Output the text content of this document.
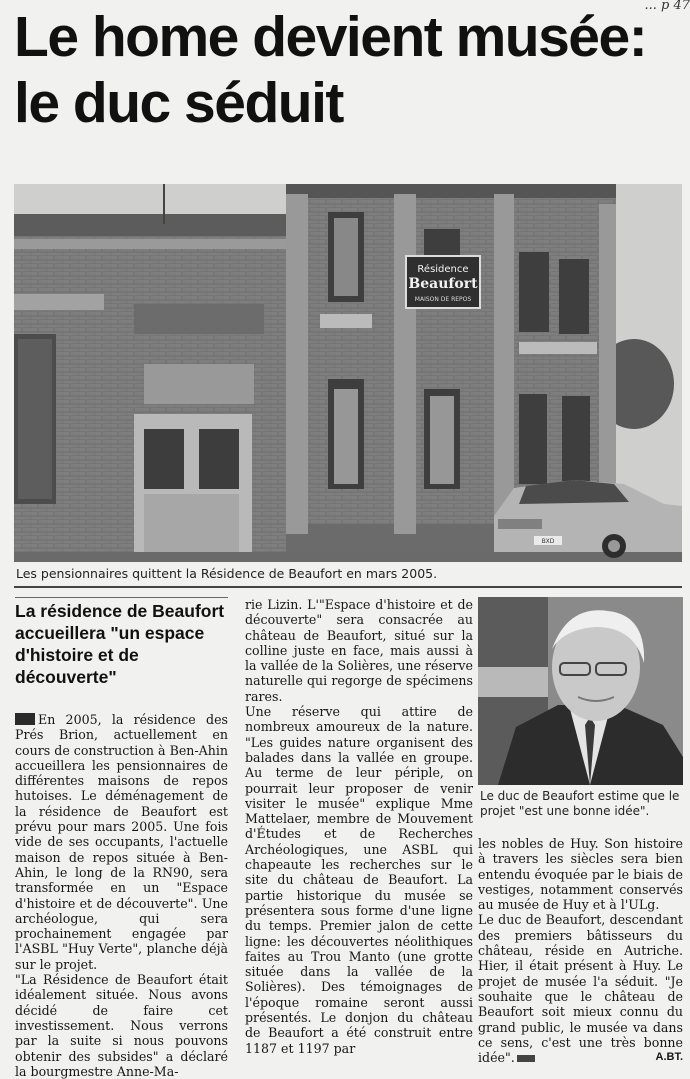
... p 47
Le home devient musée: le duc séduit
Résidence
Beaufort
MAISON DE REPOS
BXD
Les pensionnaires quittent la Résidence de Beaufort en mars 2005.
La résidence de Beaufort accueillera "un espace d'histoire et de découverte"

En 2005, la résidence des Prés Brion, actuellement en cours de construction à Ben-Ahin accueillera les pensionnaires de différentes maisons de repos hutoises. Le déménagement de la résidence de Beaufort est prévu pour mars 2005. Une fois vide de ses occupants, l'actuelle maison de repos située à Ben-Ahin, le long de la RN90, sera transformée en un "Espace d'histoire et de découverte". Une archéologue, qui sera prochainement engagée par l'ASBL "Huy Verte", planche déjà sur le projet.

"La Résidence de Beaufort était idéalement située. Nous avons décidé de faire cet investissement. Nous verrons par la suite si nous pouvons obtenir des subsides" a déclaré la bourgmestre Anne-Ma-

rie Lizin. L'"Espace d'histoire et de découverte" sera consacrée au château de Beaufort, situé sur la colline juste en face, mais aussi à la vallée de la Solières, une réserve naturelle qui regorge de spécimens rares.

Une réserve qui attire de nombreux amoureux de la nature. "Les guides nature organisent des balades dans la vallée en groupe. Au terme de leur périple, on pourrait leur proposer de venir visiter le musée" explique Mme Mattelaer, membre de Mouvement d'Études et de Recherches Archéologiques, une ASBL qui chapeaute les recherches sur le site du château de Beaufort. La partie historique du musée se présentera sous forme d'une ligne du temps. Premier jalon de cette ligne: les découvertes néolithiques faites au Trou Manto (une grotte située dans la vallée de la Solières). Des témoignages de l'époque romaine seront aussi présentés. Le donjon du château de Beaufort a été construit entre 1187 et 1197 par

Le duc de Beaufort estime que le projet "est une bonne idée".

les nobles de Huy. Son histoire à travers les siècles sera bien entendu évoquée par le biais de vestiges, notamment conservés au musée de Huy et à l'ULg.

Le duc de Beaufort, descendant des premiers bâtisseurs du château, réside en Autriche. Hier, il était présent à Huy. Le projet de musée l'a séduit. "Je souhaite que le château de Beaufort soit mieux connu du grand public, le musée va dans ce sens, c'est une très bonne idée".	A.BT.
